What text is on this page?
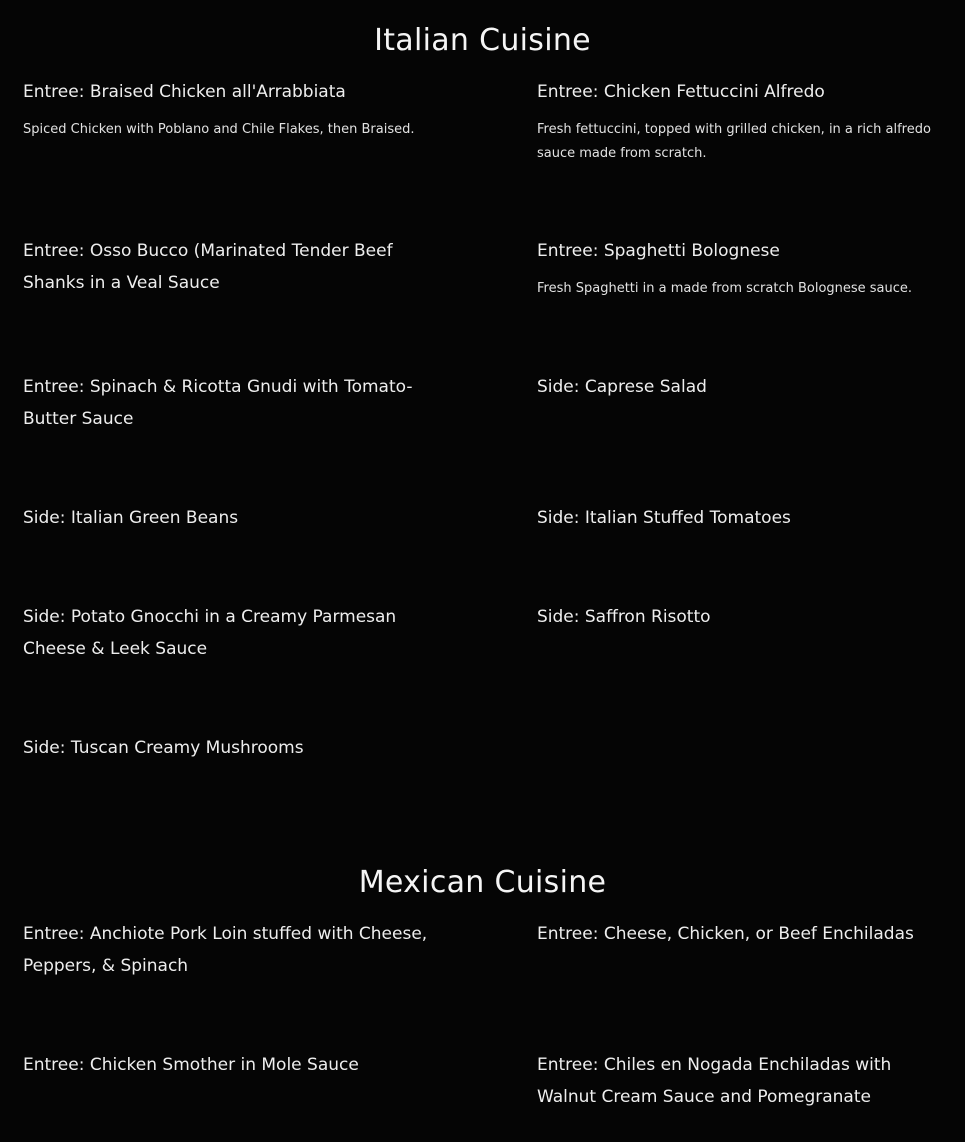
Italian Cuisine

Entree: Braised Chicken all'Arrabbiata

Spiced Chicken with Poblano and Chile Flakes, then Braised.

Entree: Chicken Fettuccini Alfredo

Fresh fettuccini, topped with grilled chicken, in a rich alfredo sauce made from scratch.

Entree: Osso Bucco (Marinated Tender Beef Shanks in a Veal Sauce

Entree: Spaghetti Bolognese

Fresh Spaghetti in a made from scratch Bolognese sauce.

Entree: Spinach & Ricotta Gnudi with Tomato-Butter Sauce

Side: Caprese Salad

Side: Italian Green Beans	Side: Italian Stuffed Tomatoes

Side: Potato Gnocchi in a Creamy Parmesan Cheese & Leek Sauce

Side: Saffron Risotto

Side: Tuscan Creamy Mushrooms

Mexican Cuisine

Entree: Anchiote Pork Loin stuffed with Cheese, Peppers, & Spinach

Entree: Cheese, Chicken, or Beef Enchiladas

Entree: Chicken Smother in Mole Sauce	Entree: Chiles en Nogada Enchiladas with Walnut Cream Sauce and Pomegranate
